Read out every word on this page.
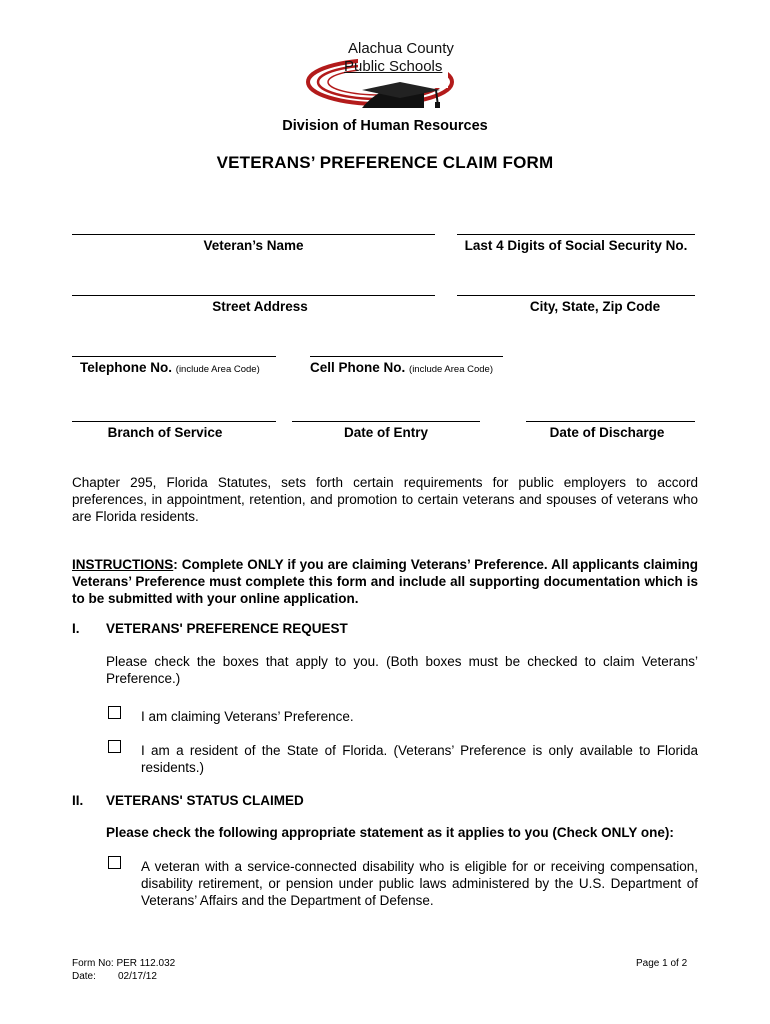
Alachua County
Public Schools
Division of Human Resources
VETERANS’ PREFERENCE CLAIM FORM
Veteran’s Name	Last 4 Digits of Social Security No.
Street Address	City, State, Zip Code
Telephone No. (include Area Code)	Cell Phone No. (include Area Code)
Branch of Service	Date of Entry	Date of Discharge
Chapter 295, Florida Statutes, sets forth certain requirements for public employers to accord preferences, in appointment, retention, and promotion to certain veterans and spouses of veterans who are Florida residents.
INSTRUCTIONS: Complete ONLY if you are claiming Veterans’ Preference. All applicants claiming Veterans’ Preference must complete this form and include all supporting documentation which is to be submitted with your online application.
I. VETERANS' PREFERENCE REQUEST
Please check the boxes that apply to you. (Both boxes must be checked to claim Veterans’ Preference.)
I am claiming Veterans’ Preference.
I am a resident of the State of Florida. (Veterans’ Preference is only available to Florida residents.)
II. VETERANS' STATUS CLAIMED
Please check the following appropriate statement as it applies to you (Check ONLY one):
A veteran with a service-connected disability who is eligible for or receiving compensation, disability retirement, or pension under public laws administered by the U.S. Department of Veterans’ Affairs and the Department of Defense.
Form No: PER 112.032
Date: 02/17/12
Page 1 of 2
